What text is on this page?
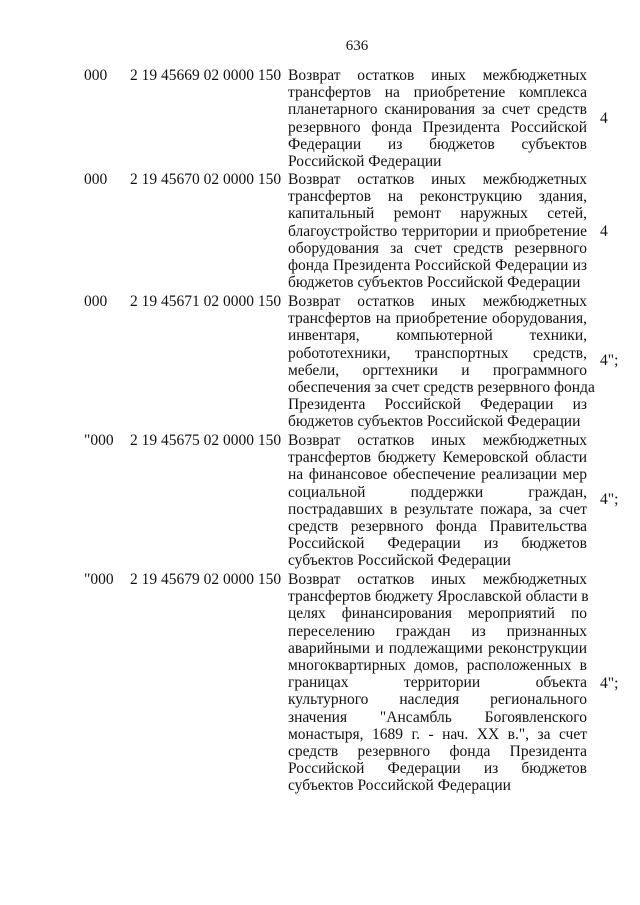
636
000	2 19 45669 02 0000 150 Возврат остатков иных межбюджетных
трансфертов на приобретение комплекса
планетарного сканирования за счет средств
резервного фонда Президента Российской
Федерации из бюджетов субъектов
Российской Федерации
4
000	2 19 45670 02 0000 150 Возврат остатков иных межбюджетных
трансфертов на реконструкцию здания,
капитальный ремонт наружных сетей,
благоустройство территории и приобретение
оборудования за счет средств резервного
фонда Президента Российской Федерации из
бюджетов субъектов Российской Федерации
4
000	2 19 45671 02 0000 150 Возврат остатков иных межбюджетных
трансфертов на приобретение оборудования,
инвентаря, компьютерной техники,
робототехники, транспортных средств,
мебели, оргтехники и программного
обеспечения за счет средств резервного фонда
Президента Российской Федерации из
бюджетов субъектов Российской Федерации
4";
"000	2 19 45675 02 0000 150 Возврат остатков иных межбюджетных
трансфертов бюджету Кемеровской области
на финансовое обеспечение реализации мер
социальной поддержки граждан,
пострадавших в результате пожара, за счет
средств резервного фонда Правительства
Российской Федерации из бюджетов
субъектов Российской Федерации
4";
"000	2 19 45679 02 0000 150 Возврат остатков иных межбюджетных
трансфертов бюджету Ярославской области в
целях финансирования мероприятий по
переселению граждан из признанных
аварийными и подлежащими реконструкции
многоквартирных домов, расположенных в
границах территории объекта
культурного наследия регионального
значения "Ансамбль Богоявленского
монастыря, 1689 г. - нач. XX в.", за счет
средств резервного фонда Президента
Российской Федерации из бюджетов
субъектов Российской Федерации
4";
